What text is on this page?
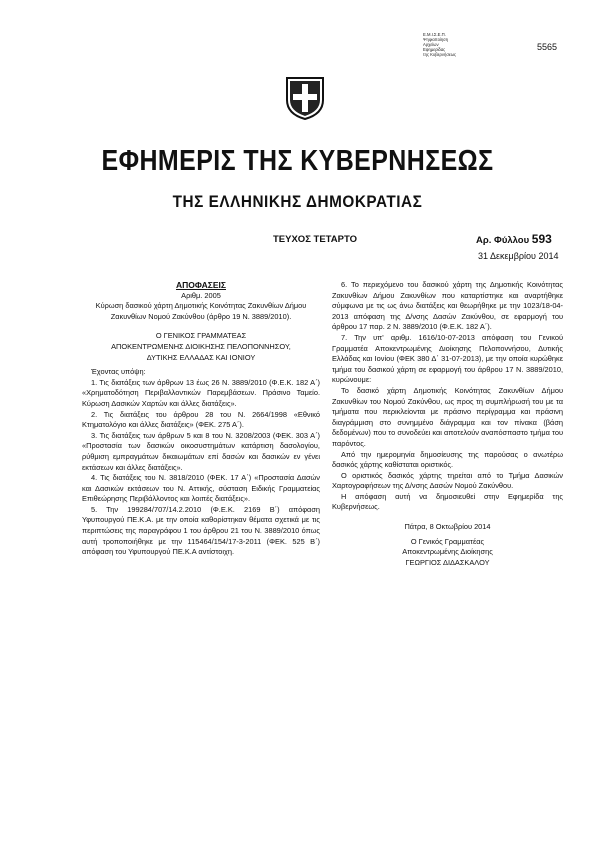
Ε.Μ.Ι.Σ.Ε.Π.
Ψηφιοποίηση
Αρχείων
Εφημερίδας
της Κυβερνήσεως
5565
ΕΦΗΜΕΡΙΣ ΤΗΣ ΚΥΒΕΡΝΗΣΕΩΣ
ΤΗΣ ΕΛΛΗΝΙΚΗΣ ΔΗΜΟΚΡΑΤΙΑΣ
ΤΕΥΧΟΣ ΤΕΤΑΡΤΟ	Αρ. Φύλλου 593
31 Δεκεμβρίου 2014

ΑΠΟΦΑΣΕΙΣ

Αριθμ. 2005

Κύρωση δασικού χάρτη Δημοτικής Κοινότητας Ζακυνθίων Δήμου Ζακυνθίων Νομού Ζακύνθου (άρθρο 19 Ν. 3889/2010).

Ο ΓΕΝΙΚΟΣ ΓΡΑΜΜΑΤΕΑΣ

ΑΠΟΚΕΝΤΡΩΜΕΝΗΣ ΔΙΟΙΚΗΣΗΣ ΠΕΛΟΠΟΝΝΗΣΟΥ,

ΔΥΤΙΚΗΣ ΕΛΛΑΔΑΣ ΚΑΙ ΙΟΝΙΟΥ

Έχοντας υπόψη:

1. Τις διατάξεις των άρθρων 13 έως 26 Ν. 3889/2010 (Φ.Ε.Κ. 182 Α΄) «Χρηματοδότηση Περιβαλλοντικών Παρεμβάσεων. Πράσινο Ταμείο. Κύρωση Δασικών Χαρτών και άλλες διατάξεις».

2. Τις διατάξεις του άρθρου 28 του Ν. 2664/1998 «Εθνικό Κτηματολόγιο και άλλες διατάξεις» (ΦΕΚ. 275 Α΄).

3. Τις διατάξεις των άρθρων 5 και 8 του Ν. 3208/2003 (ΦΕΚ. 303 Α΄) «Προστασία των δασικών οικοσυστημάτων κατάρτιση δασολογίου, ρύθμιση εμπραγμάτων δικαιωμάτων επί δασών και δασικών εν γένει εκτάσεων και άλλες διατάξεις».

4. Τις διατάξεις του Ν. 3818/2010 (ΦΕΚ. 17 Α΄) «Προστασία Δασών και Δασικών εκτάσεων του Ν. Αττικής, σύσταση Ειδικής Γραμματείας Επιθεώρησης Περιβάλλοντος και λοιπές διατάξεις».

5. Την 199284/707/14.2.2010 (Φ.Ε.Κ. 2169 Β΄) απόφαση Υφυπουργού ΠΕ.Κ.Α. με την οποία καθορίστηκαν θέματα σχετικά με τις περιπτώσεις της παραγράφου 1 του άρθρου 21 του Ν. 3889/2010 όπως αυτή τροποποιήθηκε με την 115464/154/17-3-2011 (ΦΕΚ. 525 Β΄) απόφαση του Υφυπουργού ΠΕ.Κ.Α αντίστοιχη.

6. Το περιεχόμενο του δασικού χάρτη της Δημοτικής Κοινότητας Ζακυνθίων Δήμου Ζακυνθίων που καταρτίστηκε και αναρτήθηκε σύμφωνα με τις ως άνω διατάξεις και θεωρήθηκε με την 1023/18-04-2013 απόφαση της Δ/νσης Δασών Ζακύνθου, σε εφαρμογή του άρθρου 17 παρ. 2 Ν. 3889/2010 (Φ.Ε.Κ. 182 Α΄).

7. Την υπ' αριθμ. 1616/10-07-2013 απόφαση του Γενικού Γραμματέα Αποκεντρωμένης Διοίκησης Πελοποννήσου, Δυτικής Ελλάδας και Ιονίου (ΦΕΚ 380 Δ΄ 31-07-2013), με την οποία κυρώθηκε τμήμα του δασικού χάρτη σε εφαρμογή του άρθρου 17 Ν. 3889/2010, κυρώνουμε:

Το δασικό χάρτη Δημοτικής Κοινότητας Ζακυνθίων Δήμου Ζακυνθίων του Νομού Ζακύνθου, ως προς τη συμπλήρωσή του με τα τμήματα που περικλείονται με πράσινο περίγραμμα και πράσινη διαγράμμιση στο συνημμένο διάγραμμα και τον πίνακα (βάση δεδομένων) που το συνοδεύει και αποτελούν αναπόσπαστο τμήμα του παρόντος.

Από την ημερομηνία δημοσίευσης της παρούσας ο ανωτέρω δασικός χάρτης καθίσταται οριστικός.

Ο οριστικός δασικός χάρτης τηρείται από το Τμήμα Δασικών Χαρτογραφήσεων της Δ/νσης Δασών Νομού Ζακύνθου.

Η απόφαση αυτή να δημοσιευθεί στην Εφημερίδα της Κυβερνήσεως.

Πάτρα, 8 Οκτωβρίου 2014

Ο Γενικός Γραμματέας

Αποκεντρωμένης Διοίκησης

ΓΕΩΡΓΙΟΣ ΔΙΔΑΣΚΑΛΟΥ
